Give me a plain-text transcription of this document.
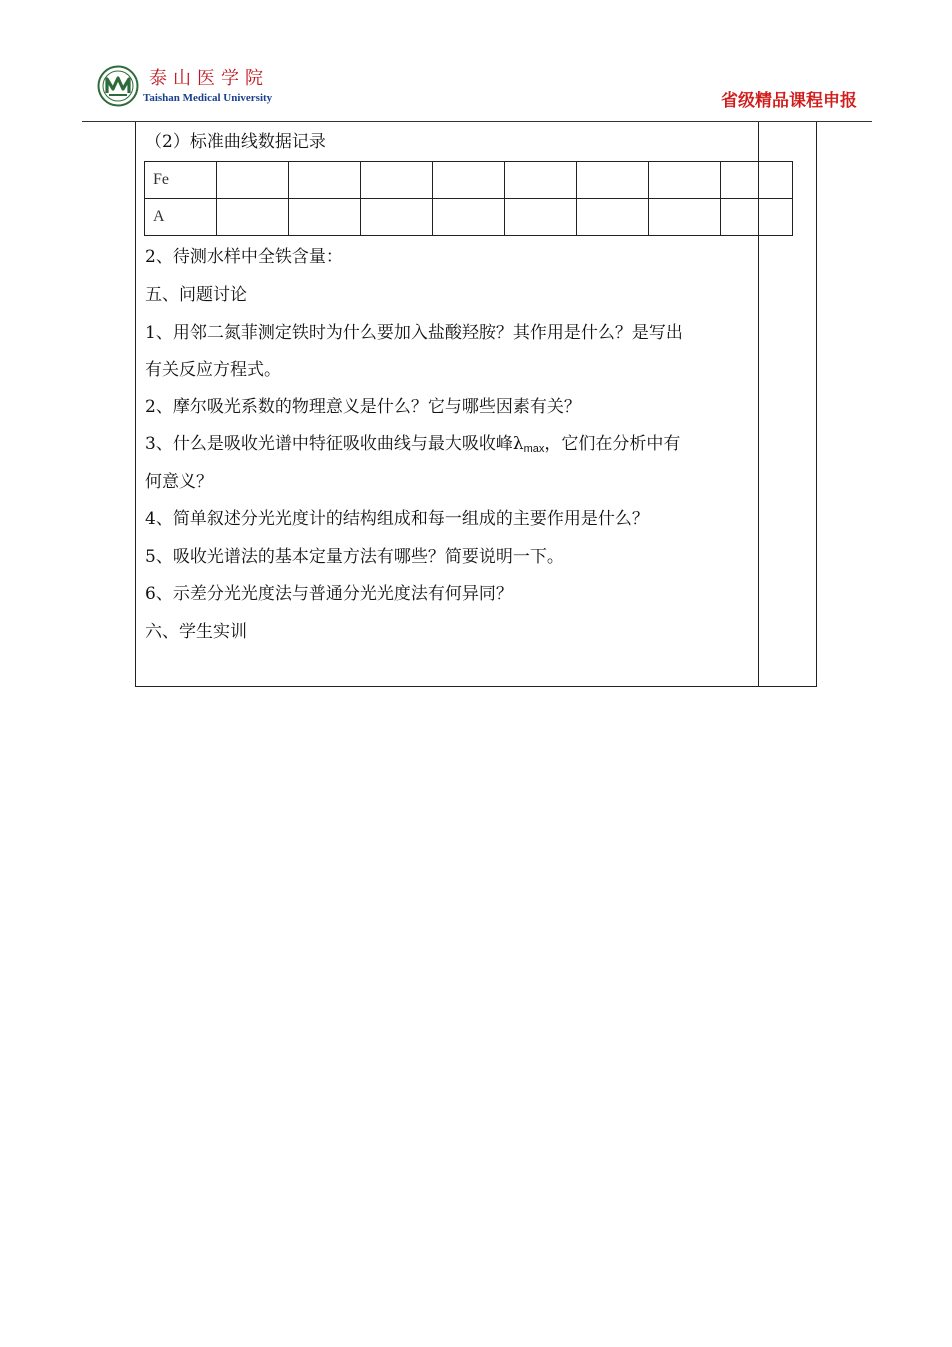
泰山医学院
Taishan Medical University	省级精品课程申报
（2）标准曲线数据记录
Fe								
A								
2、待测水样中全铁含量：
五、问题讨论
1、用邻二氮菲测定铁时为什么要加入盐酸羟胺？其作用是什么？是写出
有关反应方程式。
2、摩尔吸光系数的物理意义是什么？它与哪些因素有关？
3、什么是吸收光谱中特征吸收曲线与最大吸收峰$\lambda_{max}$，它们在分析中有
何意义？
4、简单叙述分光光度计的结构组成和每一组成的主要作用是什么？
5、吸收光谱法的基本定量方法有哪些？简要说明一下。
6、示差分光光度法与普通分光光度法有何异同？
六、学生实训
